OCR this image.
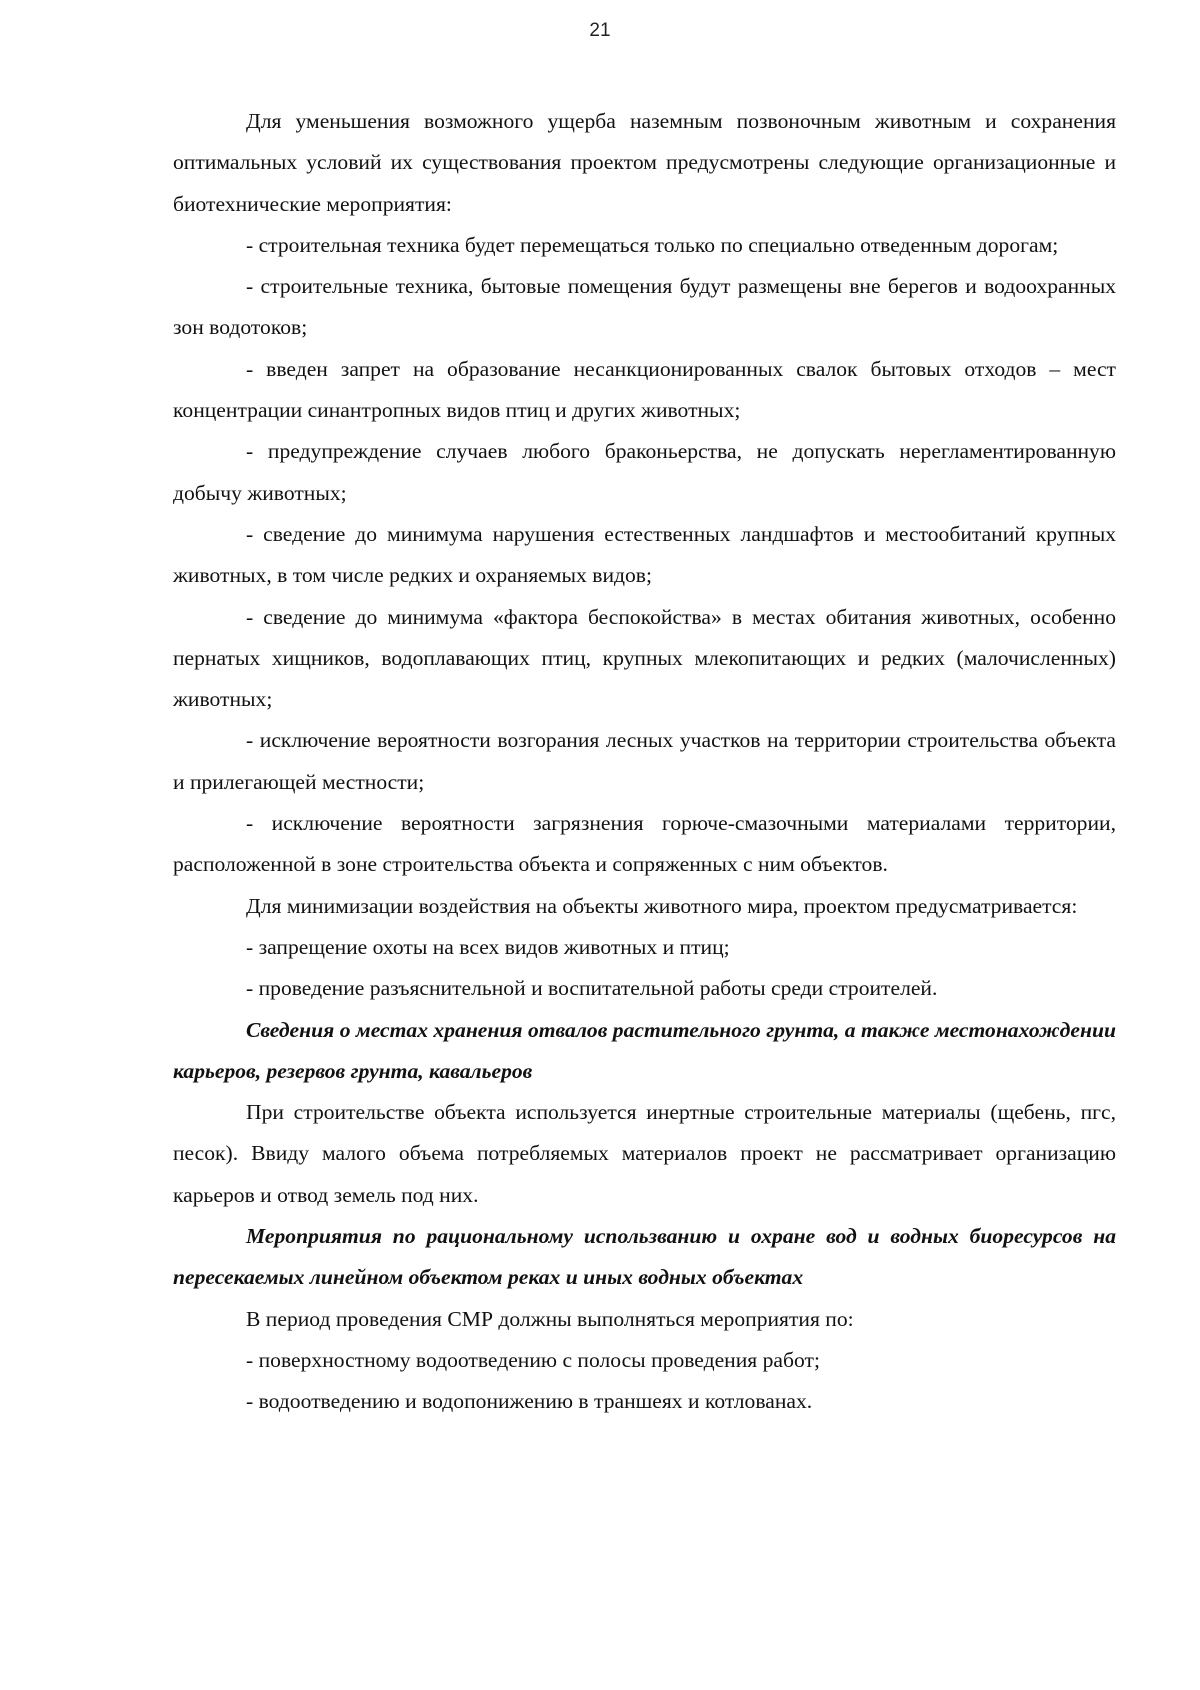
21

Для уменьшения возможного ущерба наземным позвоночным животным и сохранения оптимальных условий их существования проектом предусмотрены следующие организационные и биотехнические мероприятия:

- строительная техника будет перемещаться только по специально отведенным дорогам;

- строительные техника, бытовые помещения будут размещены вне берегов и водоохранных зон водотоков;

- введен запрет на образование несанкционированных свалок бытовых отходов – мест концентрации синантропных видов птиц и других животных;

- предупреждение случаев любого браконьерства, не допускать нерегламентированную добычу животных;

- сведение до минимума нарушения естественных ландшафтов и местообитаний крупных животных, в том числе редких и охраняемых видов;

- сведение до минимума «фактора беспокойства» в местах обитания животных, особенно пернатых хищников, водоплавающих птиц, крупных млекопитающих и редких (малочисленных) животных;

- исключение вероятности возгорания лесных участков на территории строительства объекта и прилегающей местности;

- исключение вероятности загрязнения горюче-смазочными материалами территории, расположенной в зоне строительства объекта и сопряженных с ним объектов.

Для минимизации воздействия на объекты животного мира, проектом предусматривается:

- запрещение охоты на всех видов животных и птиц;

- проведение разъяснительной и воспитательной работы среди строителей.

Сведения о местах хранения отвалов растительного грунта, а также местонахождении карьеров, резервов грунта, кавальеров

При строительстве объекта используется инертные строительные материалы (щебень, пгс, песок). Ввиду малого объема потребляемых материалов проект не рассматривает организацию карьеров и отвод земель под них.

Мероприятия по рациональному использванию и охране вод и водных биоресурсов на пересекаемых линейном объектом реках и иных водных объектах

В период проведения СМР должны выполняться мероприятия по:

- поверхностному водоотведению с полосы проведения работ;

- водоотведению и водопонижению в траншеях и котлованах.
